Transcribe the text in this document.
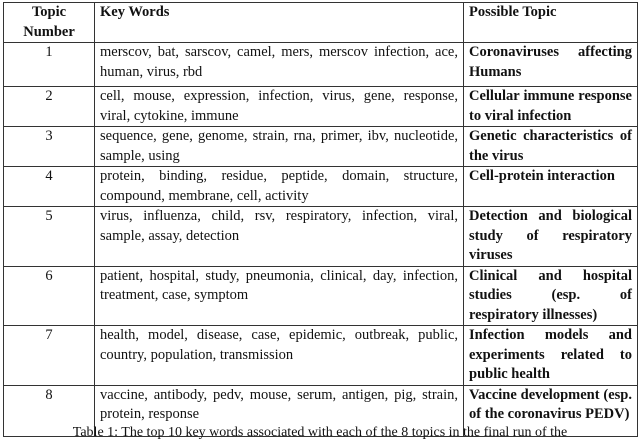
Topic Number	Key Words	Possible Topic
1	merscov, bat, sarscov, camel, mers, merscov infection, ace, human, virus, rbd	Coronaviruses affecting Humans
2	cell, mouse, expression, infection, virus, gene, response, viral, cytokine, immune	Cellular immune response to viral infection
3	sequence, gene, genome, strain, rna, primer, ibv, nucleotide, sample, using	Genetic characteristics of the virus
4	protein, binding, residue, peptide, domain, structure, compound, membrane, cell, activity	Cell-protein interaction
5	virus, influenza, child, rsv, respiratory, infection, viral, sample, assay, detection	Detection and biological study of respiratory viruses
6	patient, hospital, study, pneumonia, clinical, day, infection, treatment, case, symptom	Clinical and hospital studies (esp. of respiratory illnesses)
7	health, model, disease, case, epidemic, outbreak, public, country, population, transmission	Infection models and experiments related to public health
8	vaccine, antibody, pedv, mouse, serum, antigen, pig, strain, protein, response	Vaccine development (esp. of the coronavirus PEDV)
Table 1: The top 10 key words associated with each of the 8 topics in the final run of the
